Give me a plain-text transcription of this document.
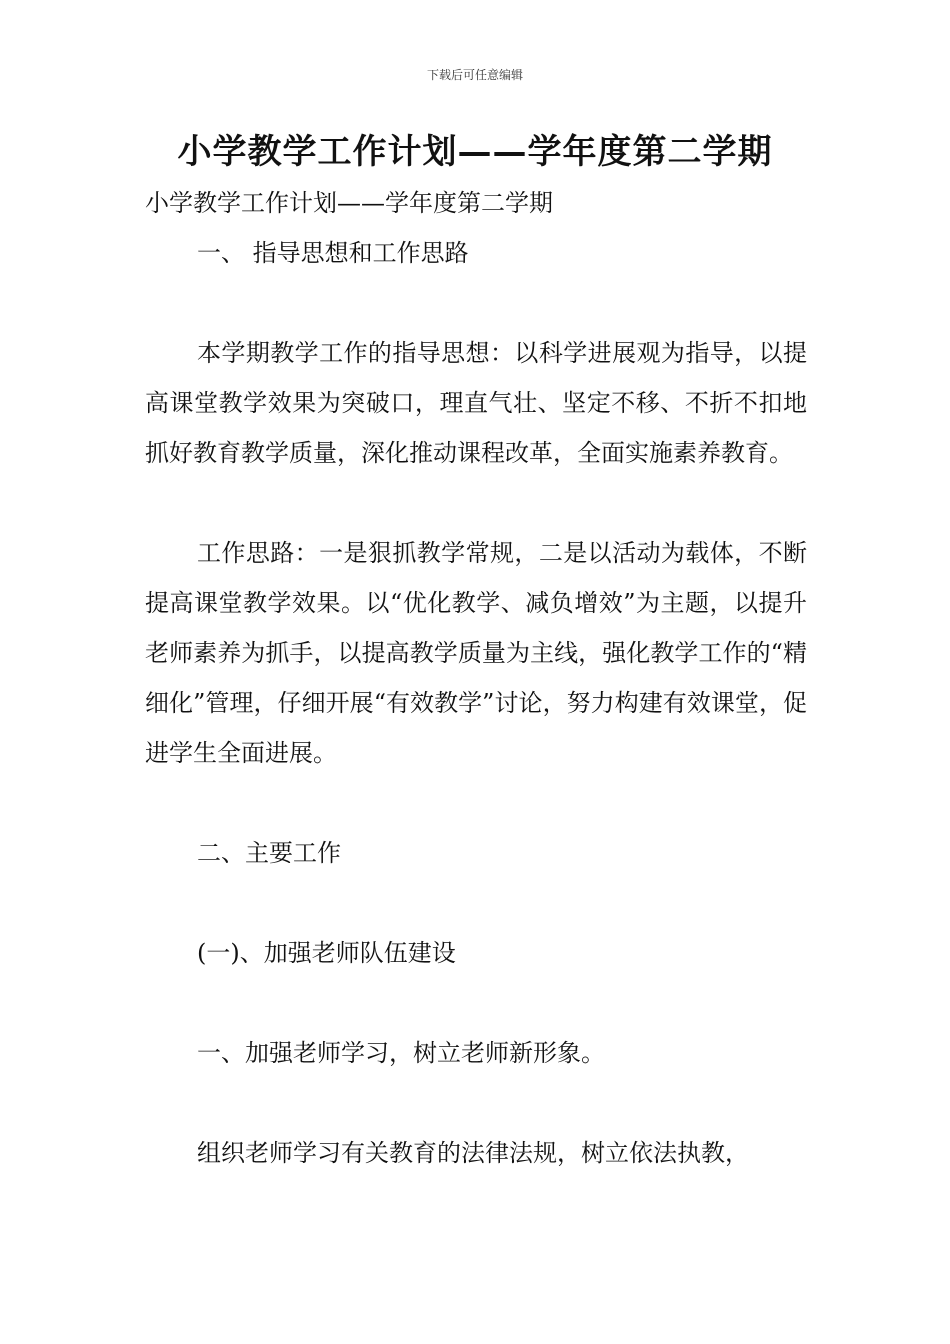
下载后可任意编辑
小学教学工作计划——学年度第二学期

小学教学工作计划——学年度第二学期

一、 指导思想和工作思路

本学期教学工作的指导思想：以科学进展观为指导，以提高课堂教学效果为突破口，理直气壮、坚定不移、不折不扣地抓好教育教学质量，深化推动课程改革，全面实施素养教育。

工作思路：一是狠抓教学常规，二是以活动为载体，不断提高课堂教学效果。以“优化教学、减负增效”为主题，以提升老师素养为抓手，以提高教学质量为主线，强化教学工作的“精细化”管理，仔细开展“有效教学”讨论，努力构建有效课堂，促进学生全面进展。

二、主要工作

(一)、加强老师队伍建设

一、加强老师学习，树立老师新形象。

组织老师学习有关教育的法律法规，树立依法执教，
